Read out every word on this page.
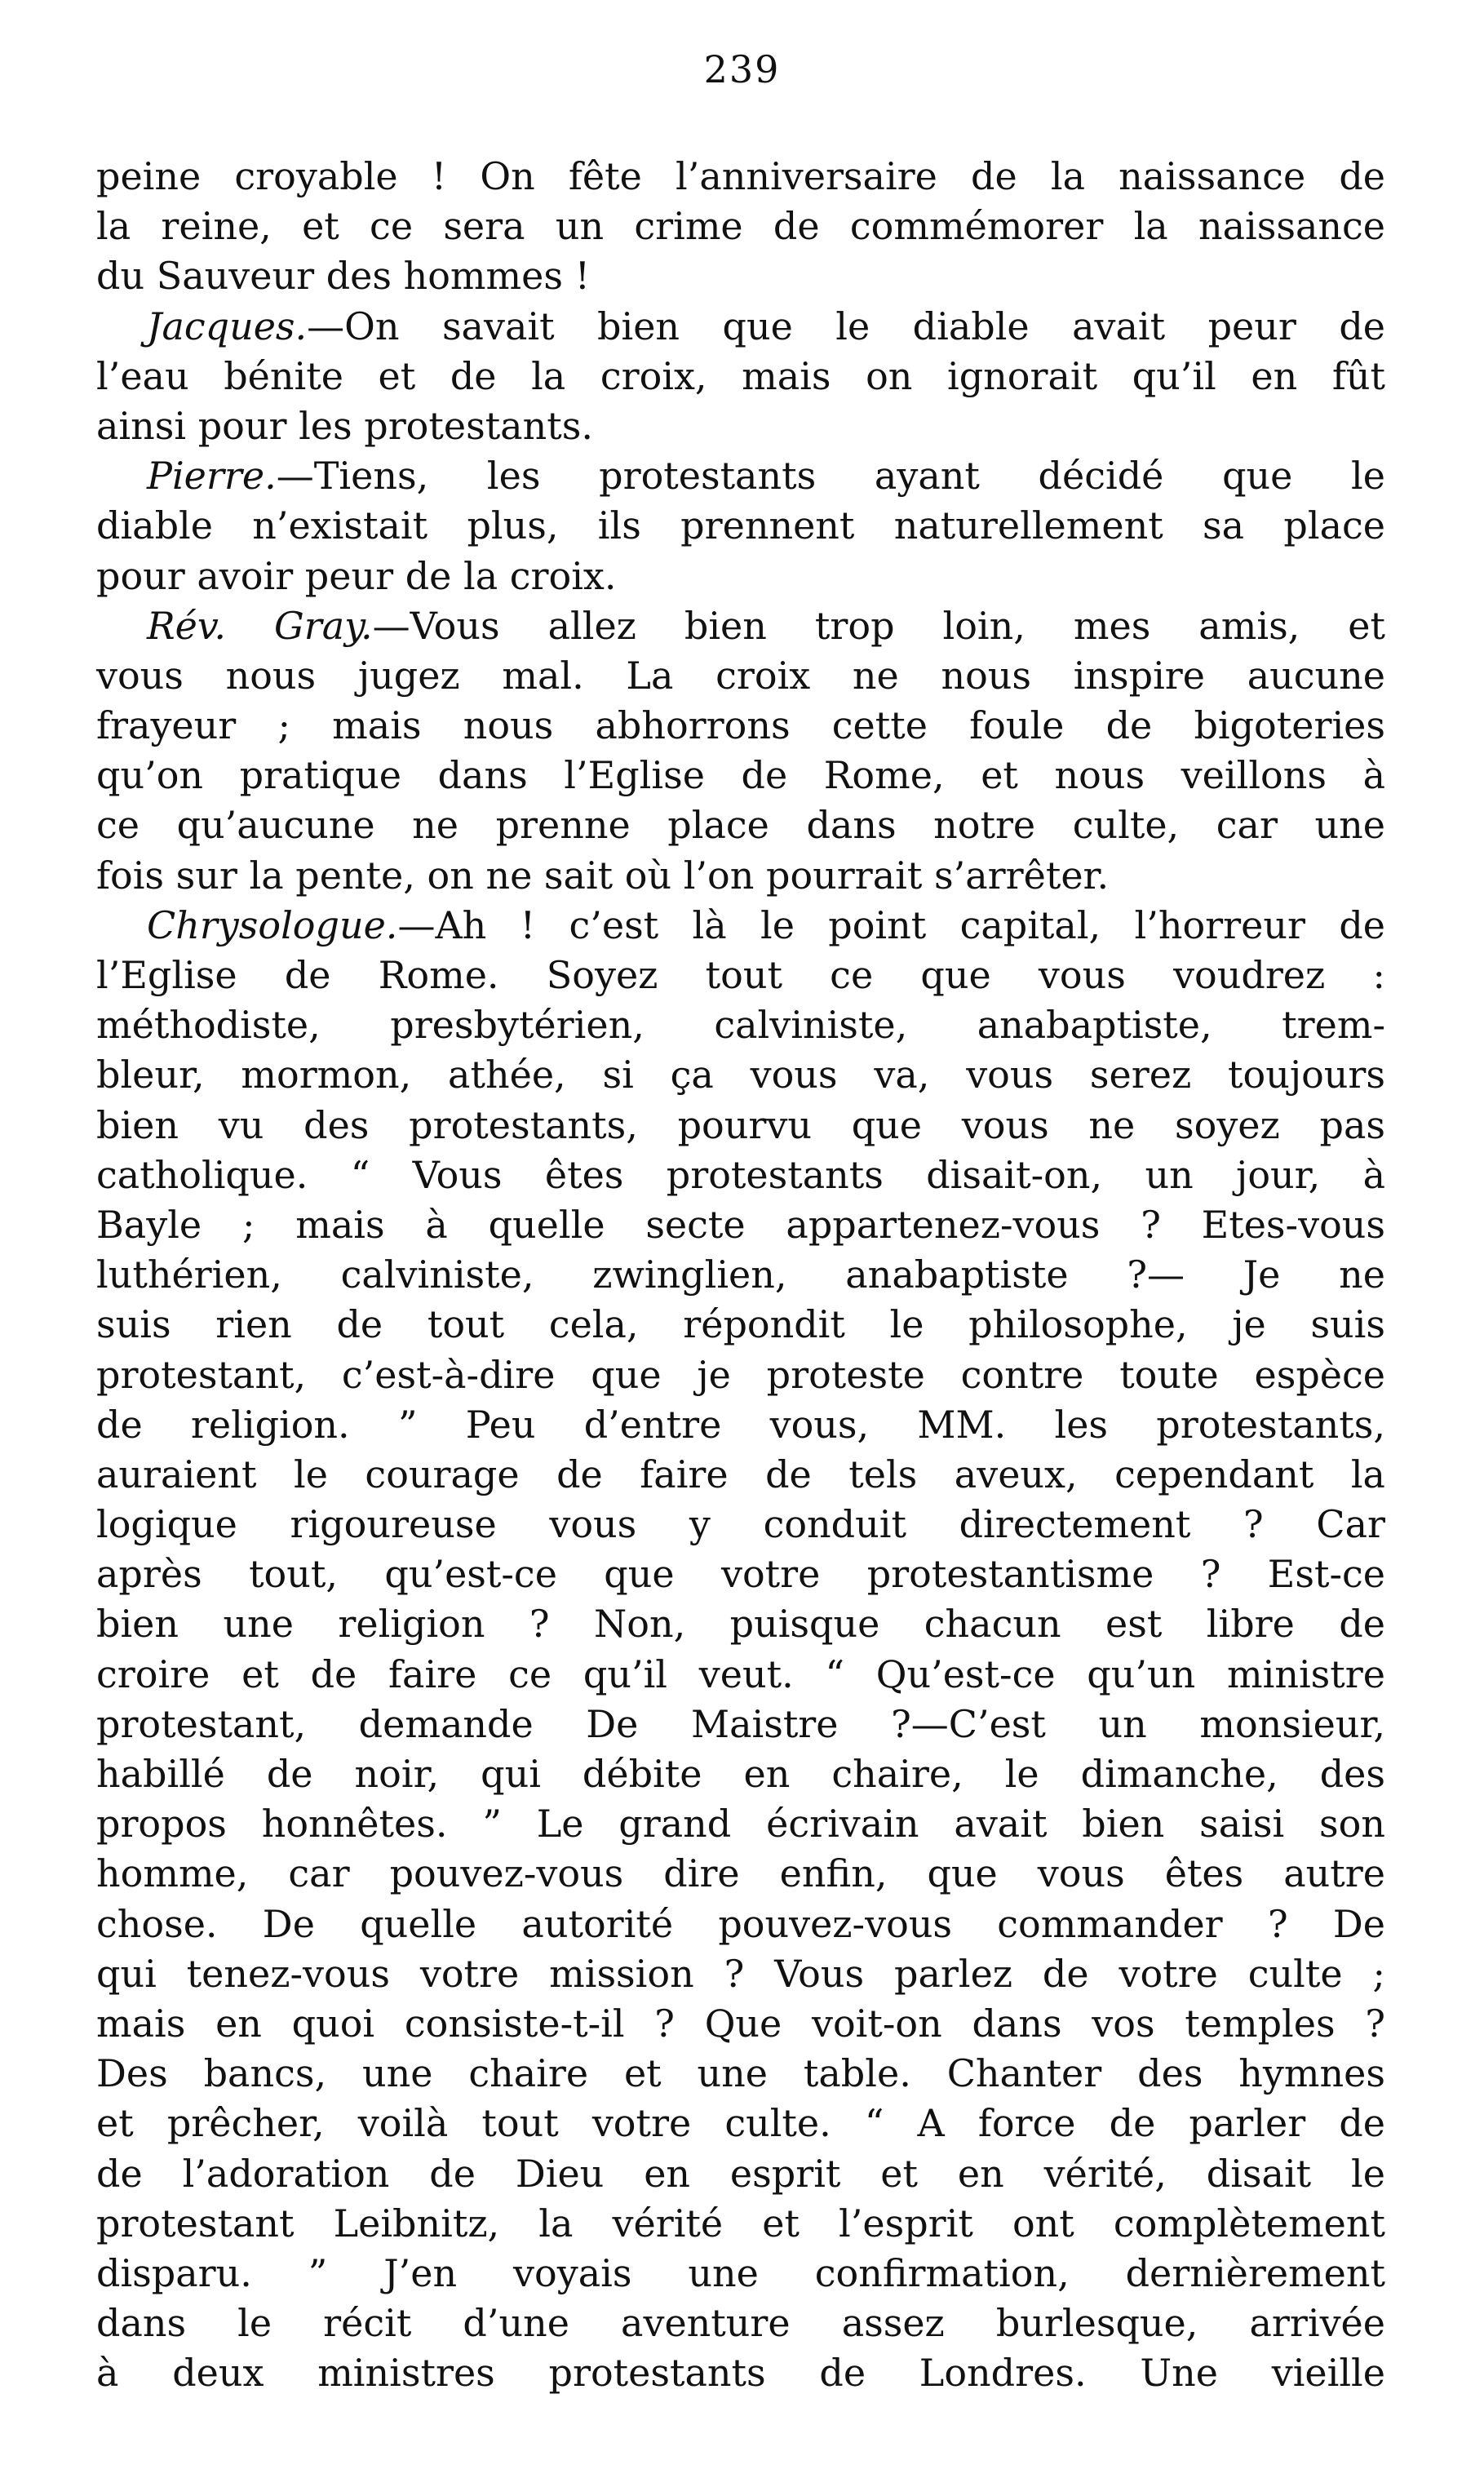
239
peine croyable ! On fête l’anniversaire de la naissance de
la reine, et ce sera un crime de commémorer la naissance
du Sauveur des hommes !
Jacques.—On savait bien que le diable avait peur de
l’eau bénite et de la croix, mais on ignorait qu’il en fût
ainsi pour les protestants.
Pierre.—Tiens, les protestants ayant décidé que le
diable n’existait plus, ils prennent naturellement sa place
pour avoir peur de la croix.
Rév. Gray.—Vous allez bien trop loin, mes amis, et
vous nous jugez mal. La croix ne nous inspire aucune
frayeur ; mais nous abhorrons cette foule de bigoteries
qu’on pratique dans l’Eglise de Rome, et nous veillons à
ce qu’aucune ne prenne place dans notre culte, car une
fois sur la pente, on ne sait où l’on pourrait s’arrêter.
Chrysologue.—Ah ! c’est là le point capital, l’horreur de
l’Eglise de Rome. Soyez tout ce que vous voudrez :
méthodiste, presbytérien, calviniste, anabaptiste, trem-
bleur, mormon, athée, si ça vous va, vous serez toujours
bien vu des protestants, pourvu que vous ne soyez pas
catholique. “ Vous êtes protestants disait-on, un jour, à
Bayle ; mais à quelle secte appartenez-vous ? Etes-vous
luthérien, calviniste, zwinglien, anabaptiste ?— Je ne
suis rien de tout cela, répondit le philosophe, je suis
protestant, c’est-à-dire que je proteste contre toute espèce
de religion. ” Peu d’entre vous, MM. les protestants,
auraient le courage de faire de tels aveux, cependant la
logique rigoureuse vous y conduit directement ? Car
après tout, qu’est-ce que votre protestantisme ? Est-ce
bien une religion ? Non, puisque chacun est libre de
croire et de faire ce qu’il veut. “ Qu’est-ce qu’un ministre
protestant, demande De Maistre ?—C’est un monsieur,
habillé de noir, qui débite en chaire, le dimanche, des
propos honnêtes. ” Le grand écrivain avait bien saisi son
homme, car pouvez-vous dire enfin, que vous êtes autre
chose. De quelle autorité pouvez-vous commander ? De
qui tenez-vous votre mission ? Vous parlez de votre culte ;
mais en quoi consiste-t-il ? Que voit-on dans vos temples ?
Des bancs, une chaire et une table. Chanter des hymnes
et prêcher, voilà tout votre culte. “ A force de parler de
de l’adoration de Dieu en esprit et en vérité, disait le
protestant Leibnitz, la vérité et l’esprit ont complètement
disparu. ” J’en voyais une confirmation, dernièrement
dans le récit d’une aventure assez burlesque, arrivée
à deux ministres protestants de Londres. Une vieille
